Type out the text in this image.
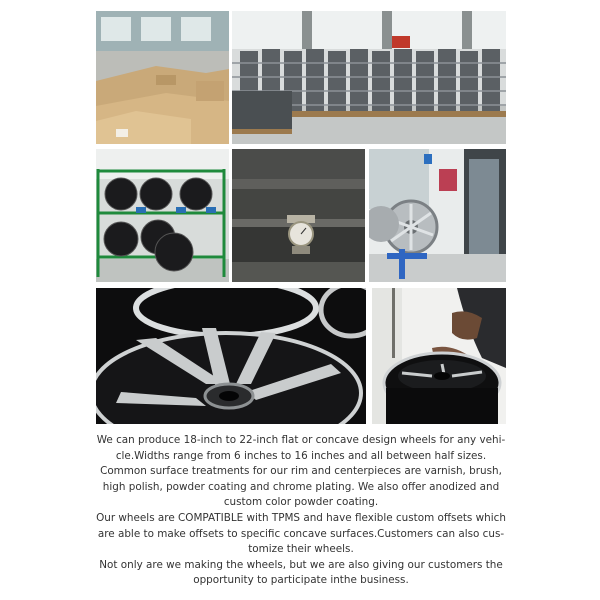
We can produce 18-inch to 22-inch flat or concave design wheels for any vehi-
cle.Widths range from 6 inches to 16 inches and all between half sizes.
Common surface treatments for our rim and centerpieces are varnish, brush,
high polish, powder coating and chrome plating. We also offer anodized and
custom color powder coating.
Our wheels are COMPATIBLE with TPMS and have flexible custom offsets which
are able to make offsets to specific concave surfaces.Customers can also cus-
tomize their wheels.
Not only are we making the wheels, but we are also giving our customers the
opportunity to participate inthe business.
